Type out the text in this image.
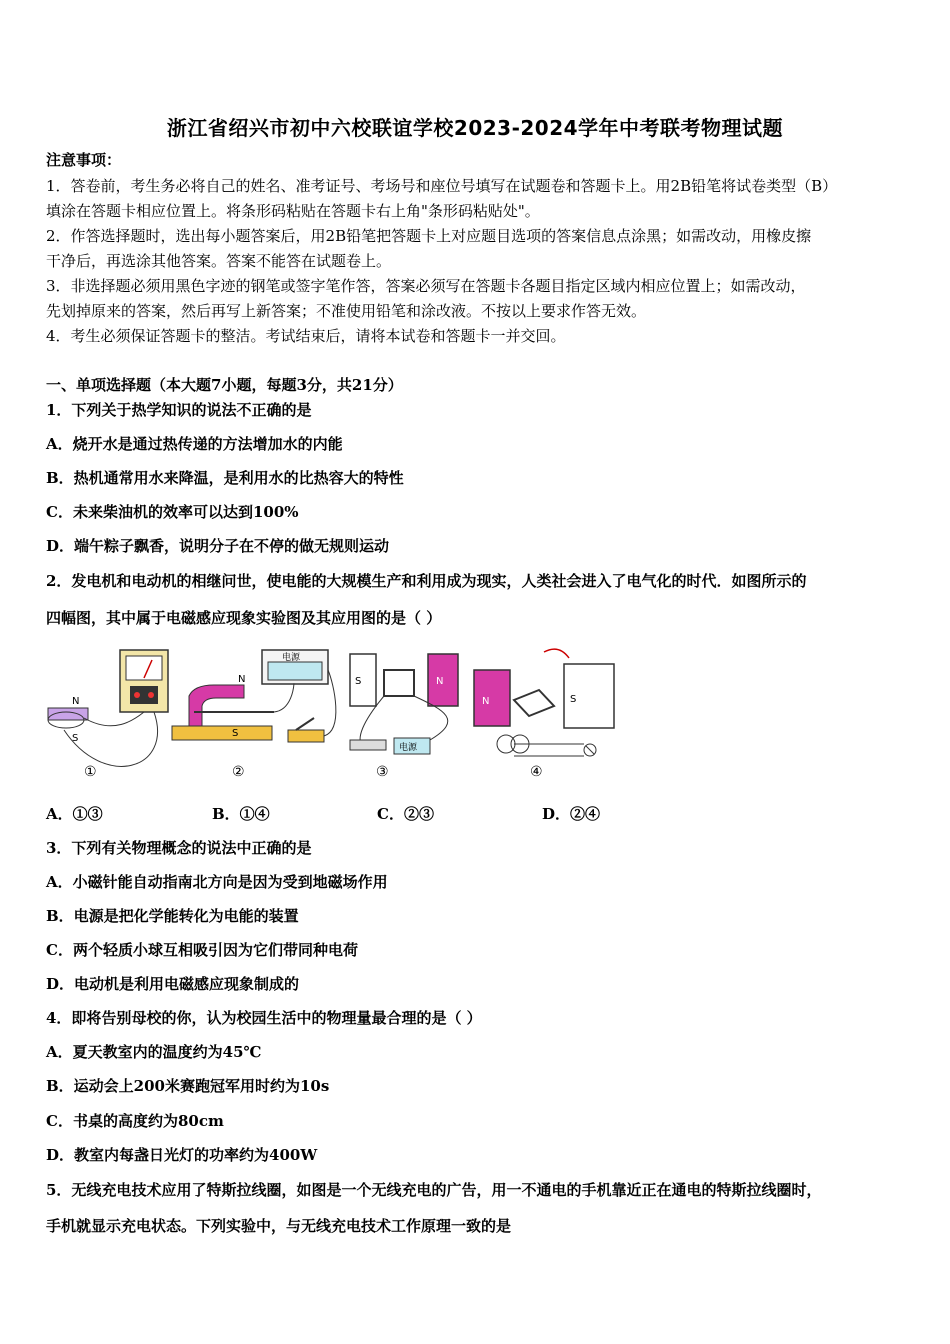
浙江省绍兴市初中六校联谊学校2023-2024学年中考联考物理试题
注意事项：
1．答卷前，考生务必将自己的姓名、准考证号、考场号和座位号填写在试题卷和答题卡上。用2B铅笔将试卷类型（B）
填涂在答题卡相应位置上。将条形码粘贴在答题卡右上角"条形码粘贴处"。
2．作答选择题时，选出每小题答案后，用2B铅笔把答题卡上对应题目选项的答案信息点涂黑；如需改动，用橡皮擦
干净后，再选涂其他答案。答案不能答在试题卷上。
3．非选择题必须用黑色字迹的钢笔或签字笔作答，答案必须写在答题卡各题目指定区域内相应位置上；如需改动，
先划掉原来的答案，然后再写上新答案；不准使用铅笔和涂改液。不按以上要求作答无效。
4．考生必须保证答题卡的整洁。考试结束后，请将本试卷和答题卡一并交回。
一、单项选择题（本大题7小题，每题3分，共21分）
1．下列关于热学知识的说法不正确的是
A．烧开水是通过热传递的方法增加水的内能
B．热机通常用水来降温，是利用水的比热容大的特性
C．未来柴油机的效率可以达到100%
D．端午粽子飘香，说明分子在不停的做无规则运动
2．发电机和电动机的相继问世，使电能的大规模生产和利用成为现实，人类社会进入了电气化的时代．如图所示的
四幅图，其中属于电磁感应现象实验图及其应用图的是（ ）
N
S
电源
N
S
S	N
电源
N	S
①	②	③	④
A．①③	B．①④	C．②③	D．②④
3．下列有关物理概念的说法中正确的是
A．小磁针能自动指南北方向是因为受到地磁场作用
B．电源是把化学能转化为电能的装置
C．两个轻质小球互相吸引因为它们带同种电荷
D．电动机是利用电磁感应现象制成的
4．即将告别母校的你，认为校园生活中的物理量最合理的是（ ）
A．夏天教室内的温度约为45℃
B．运动会上200米赛跑冠军用时约为10s
C．书桌的高度约为80cm
D．教室内每盏日光灯的功率约为400W
5．无线充电技术应用了特斯拉线圈，如图是一个无线充电的广告，用一不通电的手机靠近正在通电的特斯拉线圈时，
手机就显示充电状态。下列实验中，与无线充电技术工作原理一致的是
